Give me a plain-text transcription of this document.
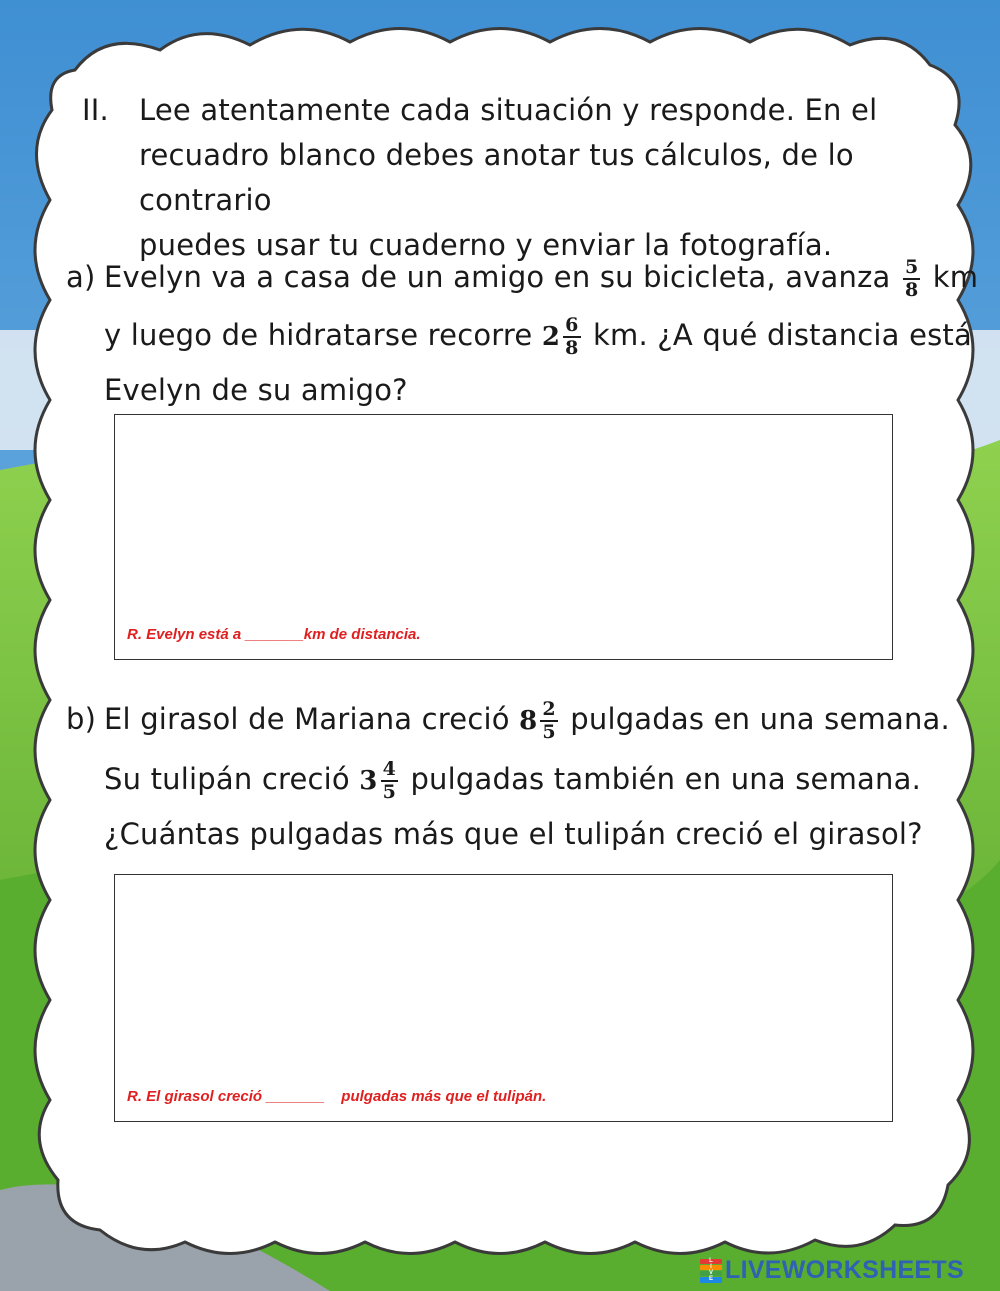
II.	Lee atentamente cada situación y responde. En el
recuadro blanco debes anotar tus cálculos, de lo contrario
puedes usar tu cuaderno y enviar la fotografía.
a) Evelyn va a casa de un amigo en su bicicleta, avanza $\frac{5}{8}$ km
y luego de hidratarse recorre $2 \frac{6}{8}$ km. ¿A qué distancia está
Evelyn de su amigo?
R. Evelyn está a _______km de distancia.
b) El girasol de Mariana creció $8 \frac{2}{5}$ pulgadas en una semana.
Su tulipán creció $3 \frac{4}{5}$ pulgadas también en una semana.
¿Cuántas pulgadas más que el tulipán creció el girasol?
R. El girasol creció _______    pulgadas más que el tulipán.
L
I
V
E LIVEWORKSHEETS
